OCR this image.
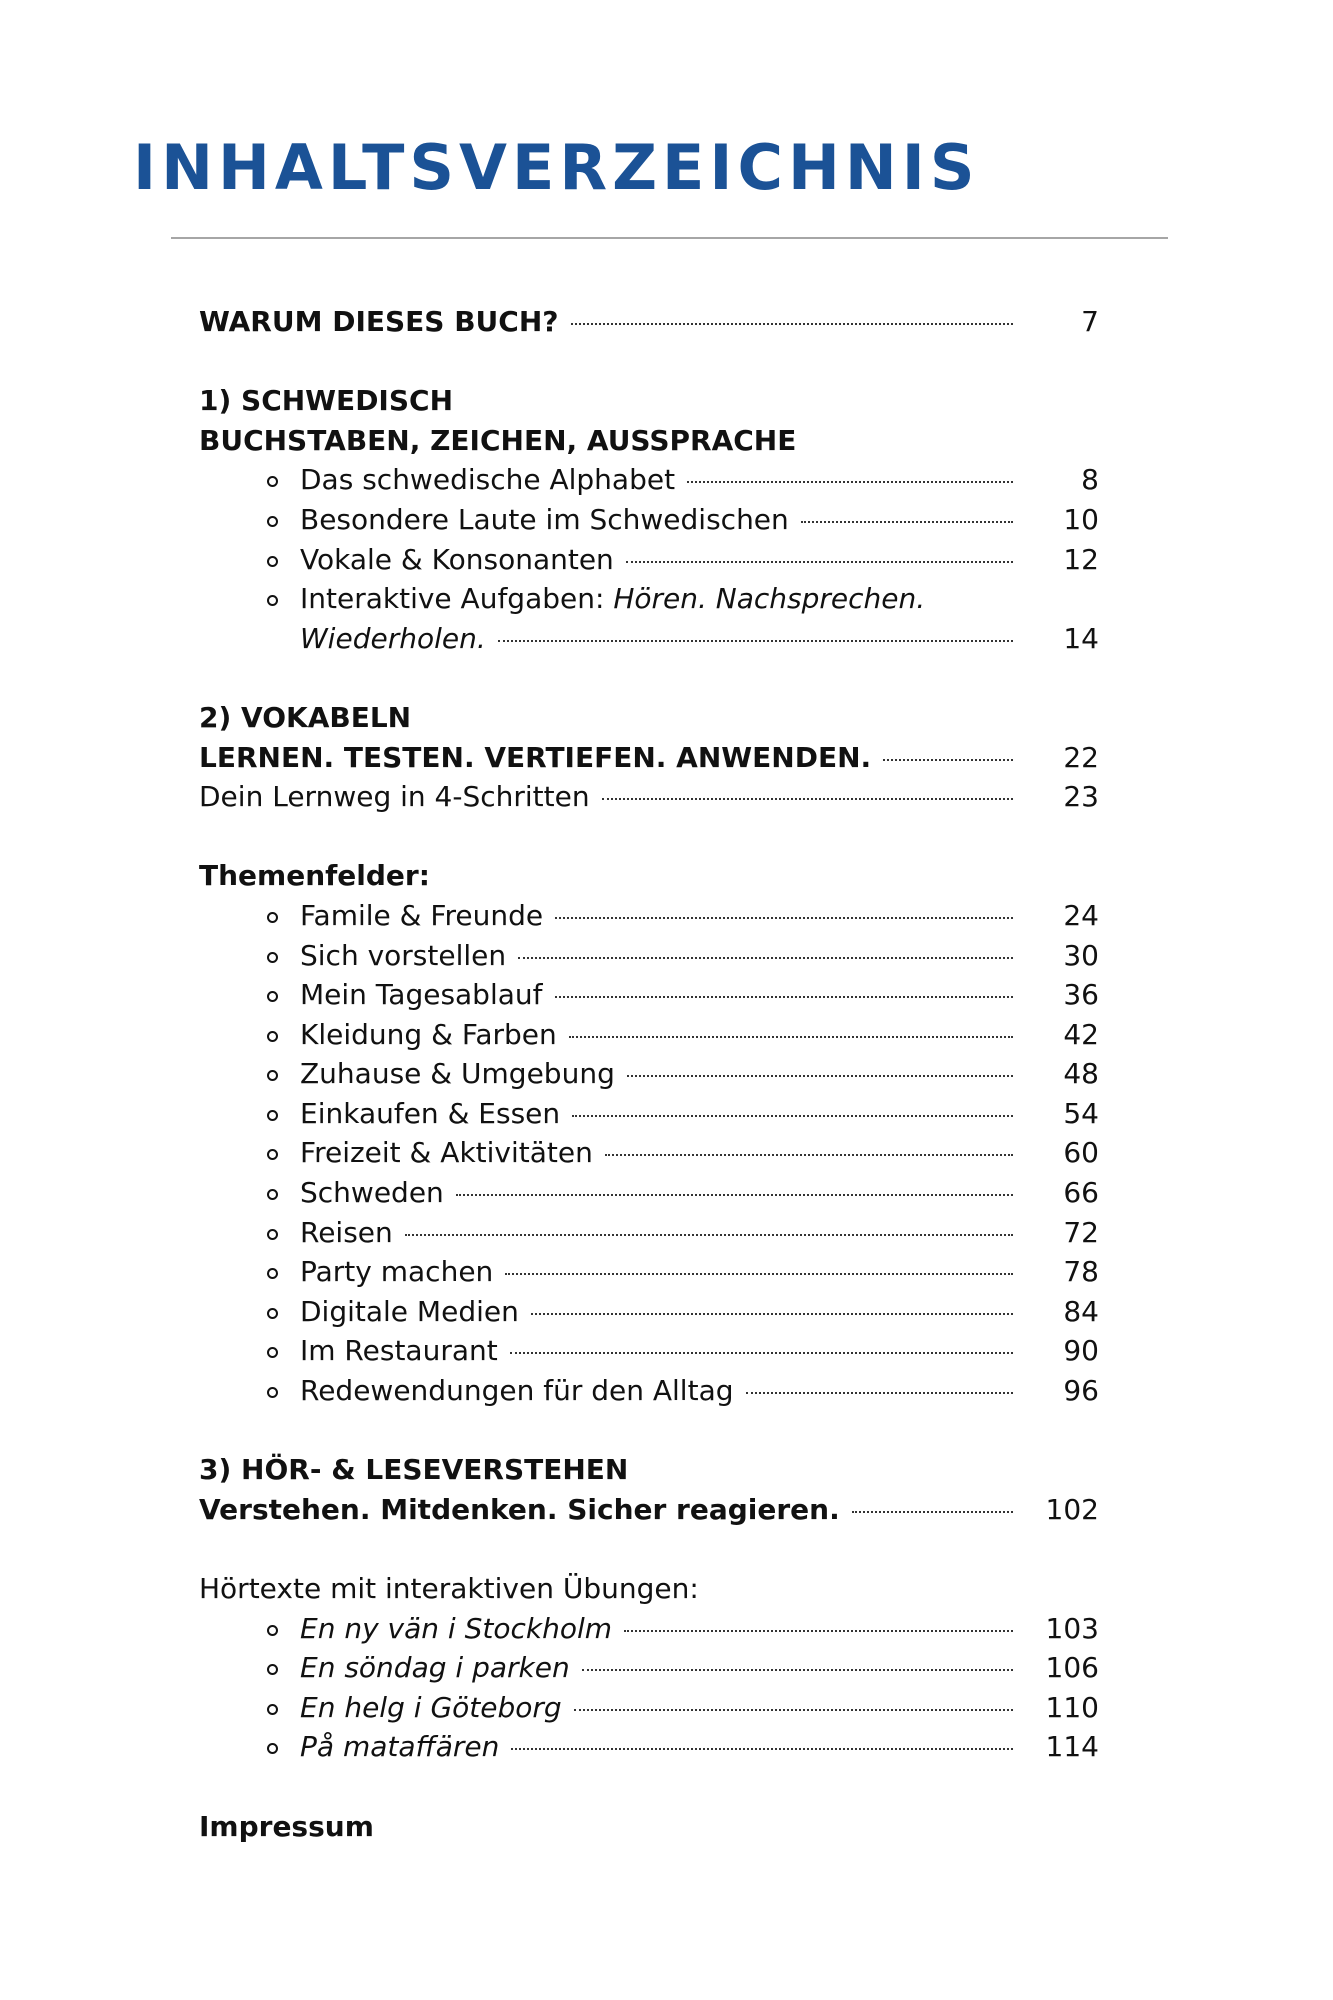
INHALTSVERZEICHNIS
WARUM DIESES BUCH?	7
1) SCHWEDISCH
BUCHSTABEN, ZEICHEN, AUSSPRACHE
Das schwedische Alphabet	8
Besondere Laute im Schwedischen	10
Vokale & Konsonanten	12
Interaktive Aufgaben: Hören. Nachsprechen.
Wiederholen.	14
2) VOKABELN
LERNEN. TESTEN. VERTIEFEN. ANWENDEN.	22
Dein Lernweg in 4-Schritten	23
Themenfelder:
Famile & Freunde	24
Sich vorstellen	30
Mein Tagesablauf	36
Kleidung & Farben	42
Zuhause & Umgebung	48
Einkaufen & Essen	54
Freizeit & Aktivitäten	60
Schweden	66
Reisen	72
Party machen	78
Digitale Medien	84
Im Restaurant	90
Redewendungen für den Alltag	96
3) HÖR- & LESEVERSTEHEN
Verstehen. Mitdenken. Sicher reagieren.	102
Hörtexte mit interaktiven Übungen:
En ny vän i Stockholm	103
En söndag i parken	106
En helg i Göteborg	110
På mataffären	114
Impressum
